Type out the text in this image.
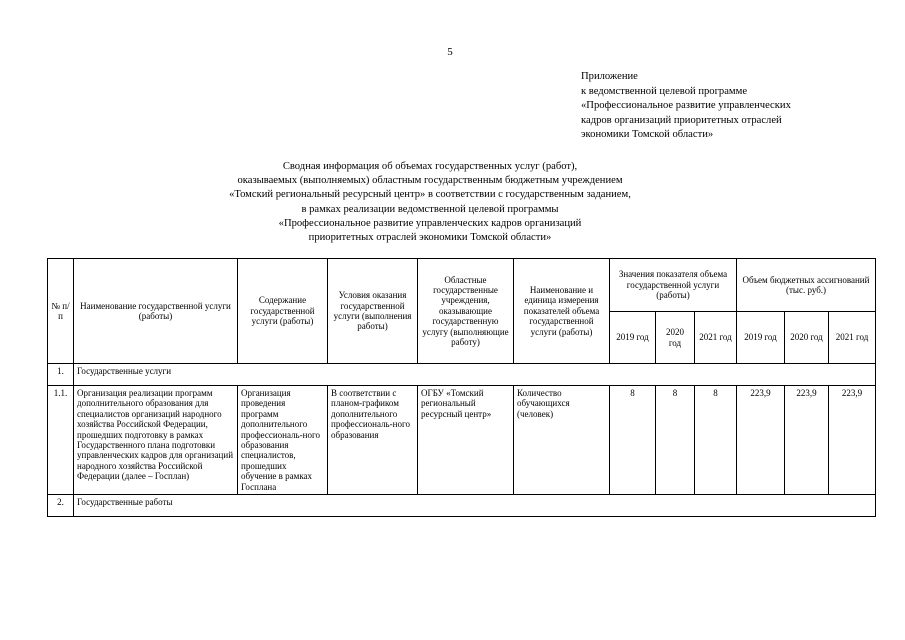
5
Приложение
к ведомственной целевой программе
«Профессиональное развитие управленческих
кадров организаций приоритетных отраслей
экономики Томской области»
Сводная информация об объемах государственных услуг (работ),
оказываемых (выполняемых) областным государственным бюджетным учреждением
«Томский региональный ресурсный центр» в соответствии с государственным заданием,
в рамках реализации ведомственной целевой программы
«Профессиональное развитие управленческих кадров организаций
приоритетных отраслей экономики Томской области»
№ п/п	Наименование государственной услуги (работы)	Содержание государственной услуги (работы)	Условия оказания государственной услуги (выполнения работы)	Областные государственные учреждения, оказывающие государственную услугу (выполняющие работу)	Наименование и единица измерения показателей объема государственной услуги (работы)	Значения показателя объема государственной услуги (работы)			Объем бюджетных ассигнований (тыс. руб.)		
						2019 год	2020 год	2021 год	2019 год	2020 год	2021 год
1.	Государственные услуги										
1.1.	Организация реализации программ дополнительного образования для специалистов организаций народного хозяйства Российской Федерации, прошедших подготовку в рамках Государственного плана подготовки управленческих кадров для организаций народного хозяйства Российской Федерации (далее – Госплан)	Организация проведения программ дополнительного профессиональ-ного образования специалистов, прошедших обучение в рамках Госплана	В соответствии с планом-графиком дополнительного профессиональ-ного образования	ОГБУ «Томский региональный ресурсный центр»	Количество обучающихся (человек)	8	8	8	223,9	223,9	223,9
2.	Государственные работы										
